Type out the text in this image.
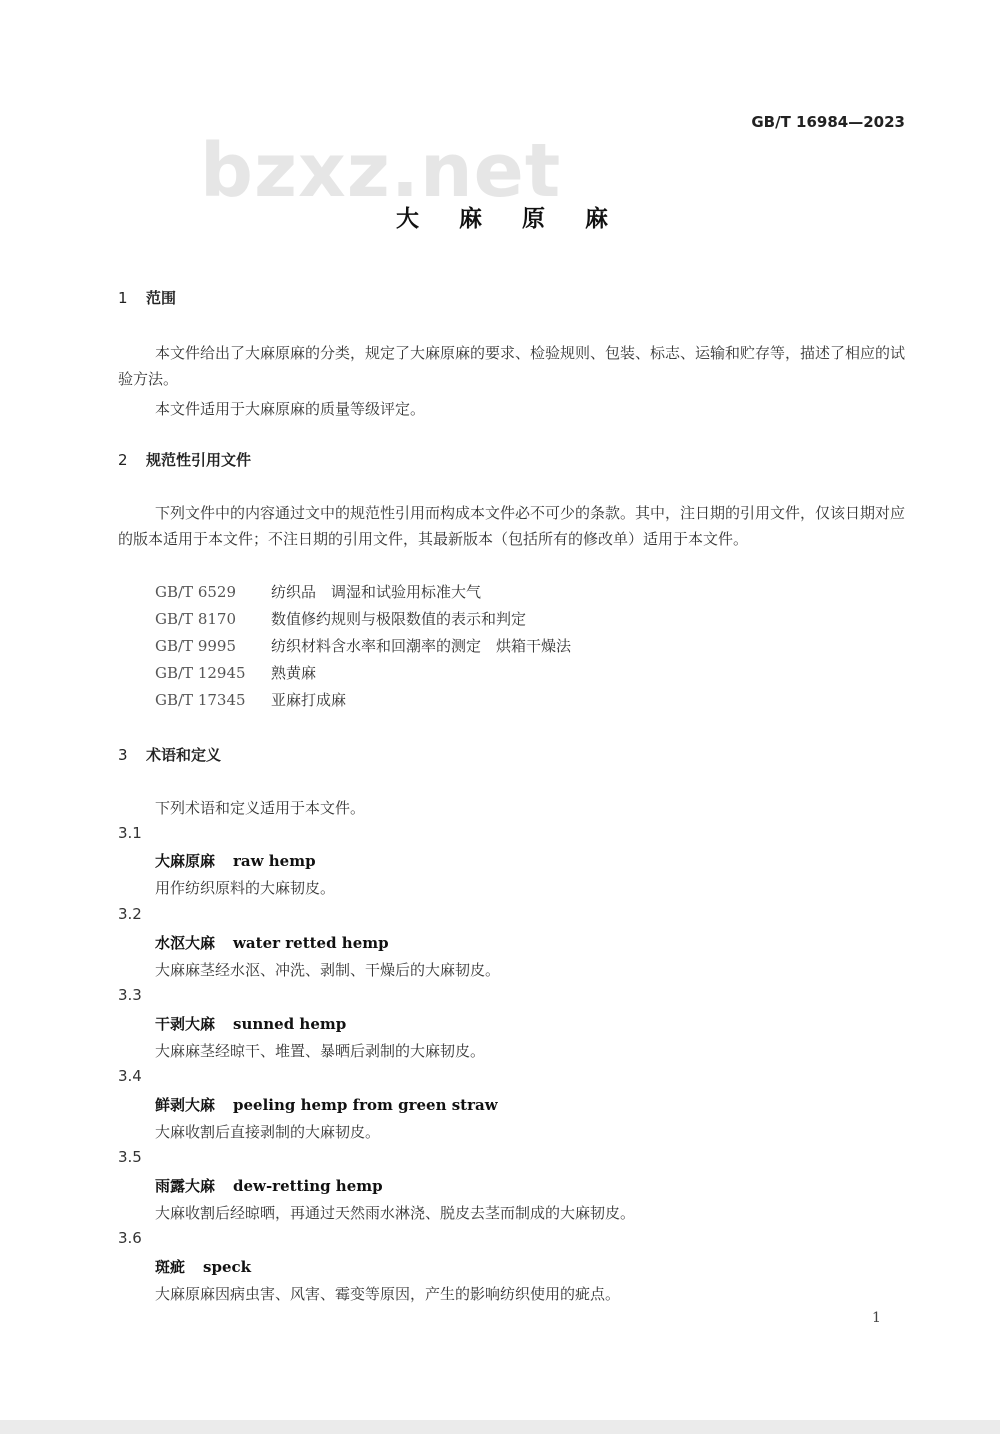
bzxz.net
GB/T 16984—2023
大 麻 原 麻
1 范围
本文件给出了大麻原麻的分类，规定了大麻原麻的要求、检验规则、包装、标志、运输和贮存等，描述了相应的试验方法。
本文件适用于大麻原麻的质量等级评定。
2 规范性引用文件
下列文件中的内容通过文中的规范性引用而构成本文件必不可少的条款。其中，注日期的引用文件，仅该日期对应的版本适用于本文件；不注日期的引用文件，其最新版本（包括所有的修改单）适用于本文件。
GB/T 6529 纺织品　调湿和试验用标准大气
GB/T 8170 数值修约规则与极限数值的表示和判定
GB/T 9995 纺织材料含水率和回潮率的测定　烘箱干燥法
GB/T 12945 熟黄麻
GB/T 17345 亚麻打成麻
3 术语和定义
下列术语和定义适用于本文件。
3.1
大麻原麻 raw hemp
用作纺织原料的大麻韧皮。
3.2
水沤大麻 water retted hemp
大麻麻茎经水沤、冲洗、剥制、干燥后的大麻韧皮。
3.3
干剥大麻 sunned hemp
大麻麻茎经晾干、堆置、暴晒后剥制的大麻韧皮。
3.4
鲜剥大麻 peeling hemp from green straw
大麻收割后直接剥制的大麻韧皮。
3.5
雨露大麻 dew-retting hemp
大麻收割后经晾晒，再通过天然雨水淋浇、脱皮去茎而制成的大麻韧皮。
3.6
斑疵 speck
大麻原麻因病虫害、风害、霉变等原因，产生的影响纺织使用的疵点。
1
